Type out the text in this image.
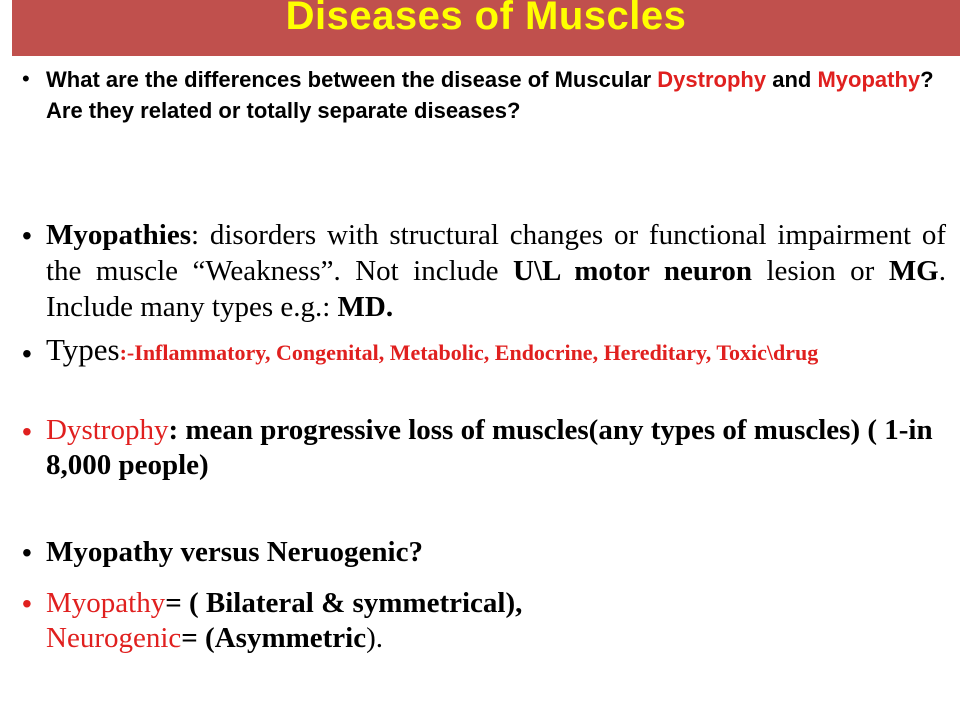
Diseases of Muscles
• What are the differences between the disease of Muscular Dystrophy and Myopathy? Are they related or totally separate diseases?
• Myopathies: disorders with structural changes or functional impairment of the muscle “Weakness”. Not include U\L motor neuron lesion or MG. Include many types e.g.: MD.
• Types:-Inflammatory, Congenital, Metabolic, Endocrine, Hereditary, Toxic\drug
• Dystrophy: mean progressive loss of muscles(any types of muscles) ( 1-in 8,000 people)
• Myopathy versus Neruogenic?
• Myopathy= ( Bilateral & symmetrical),
Neurogenic= (Asymmetric).
